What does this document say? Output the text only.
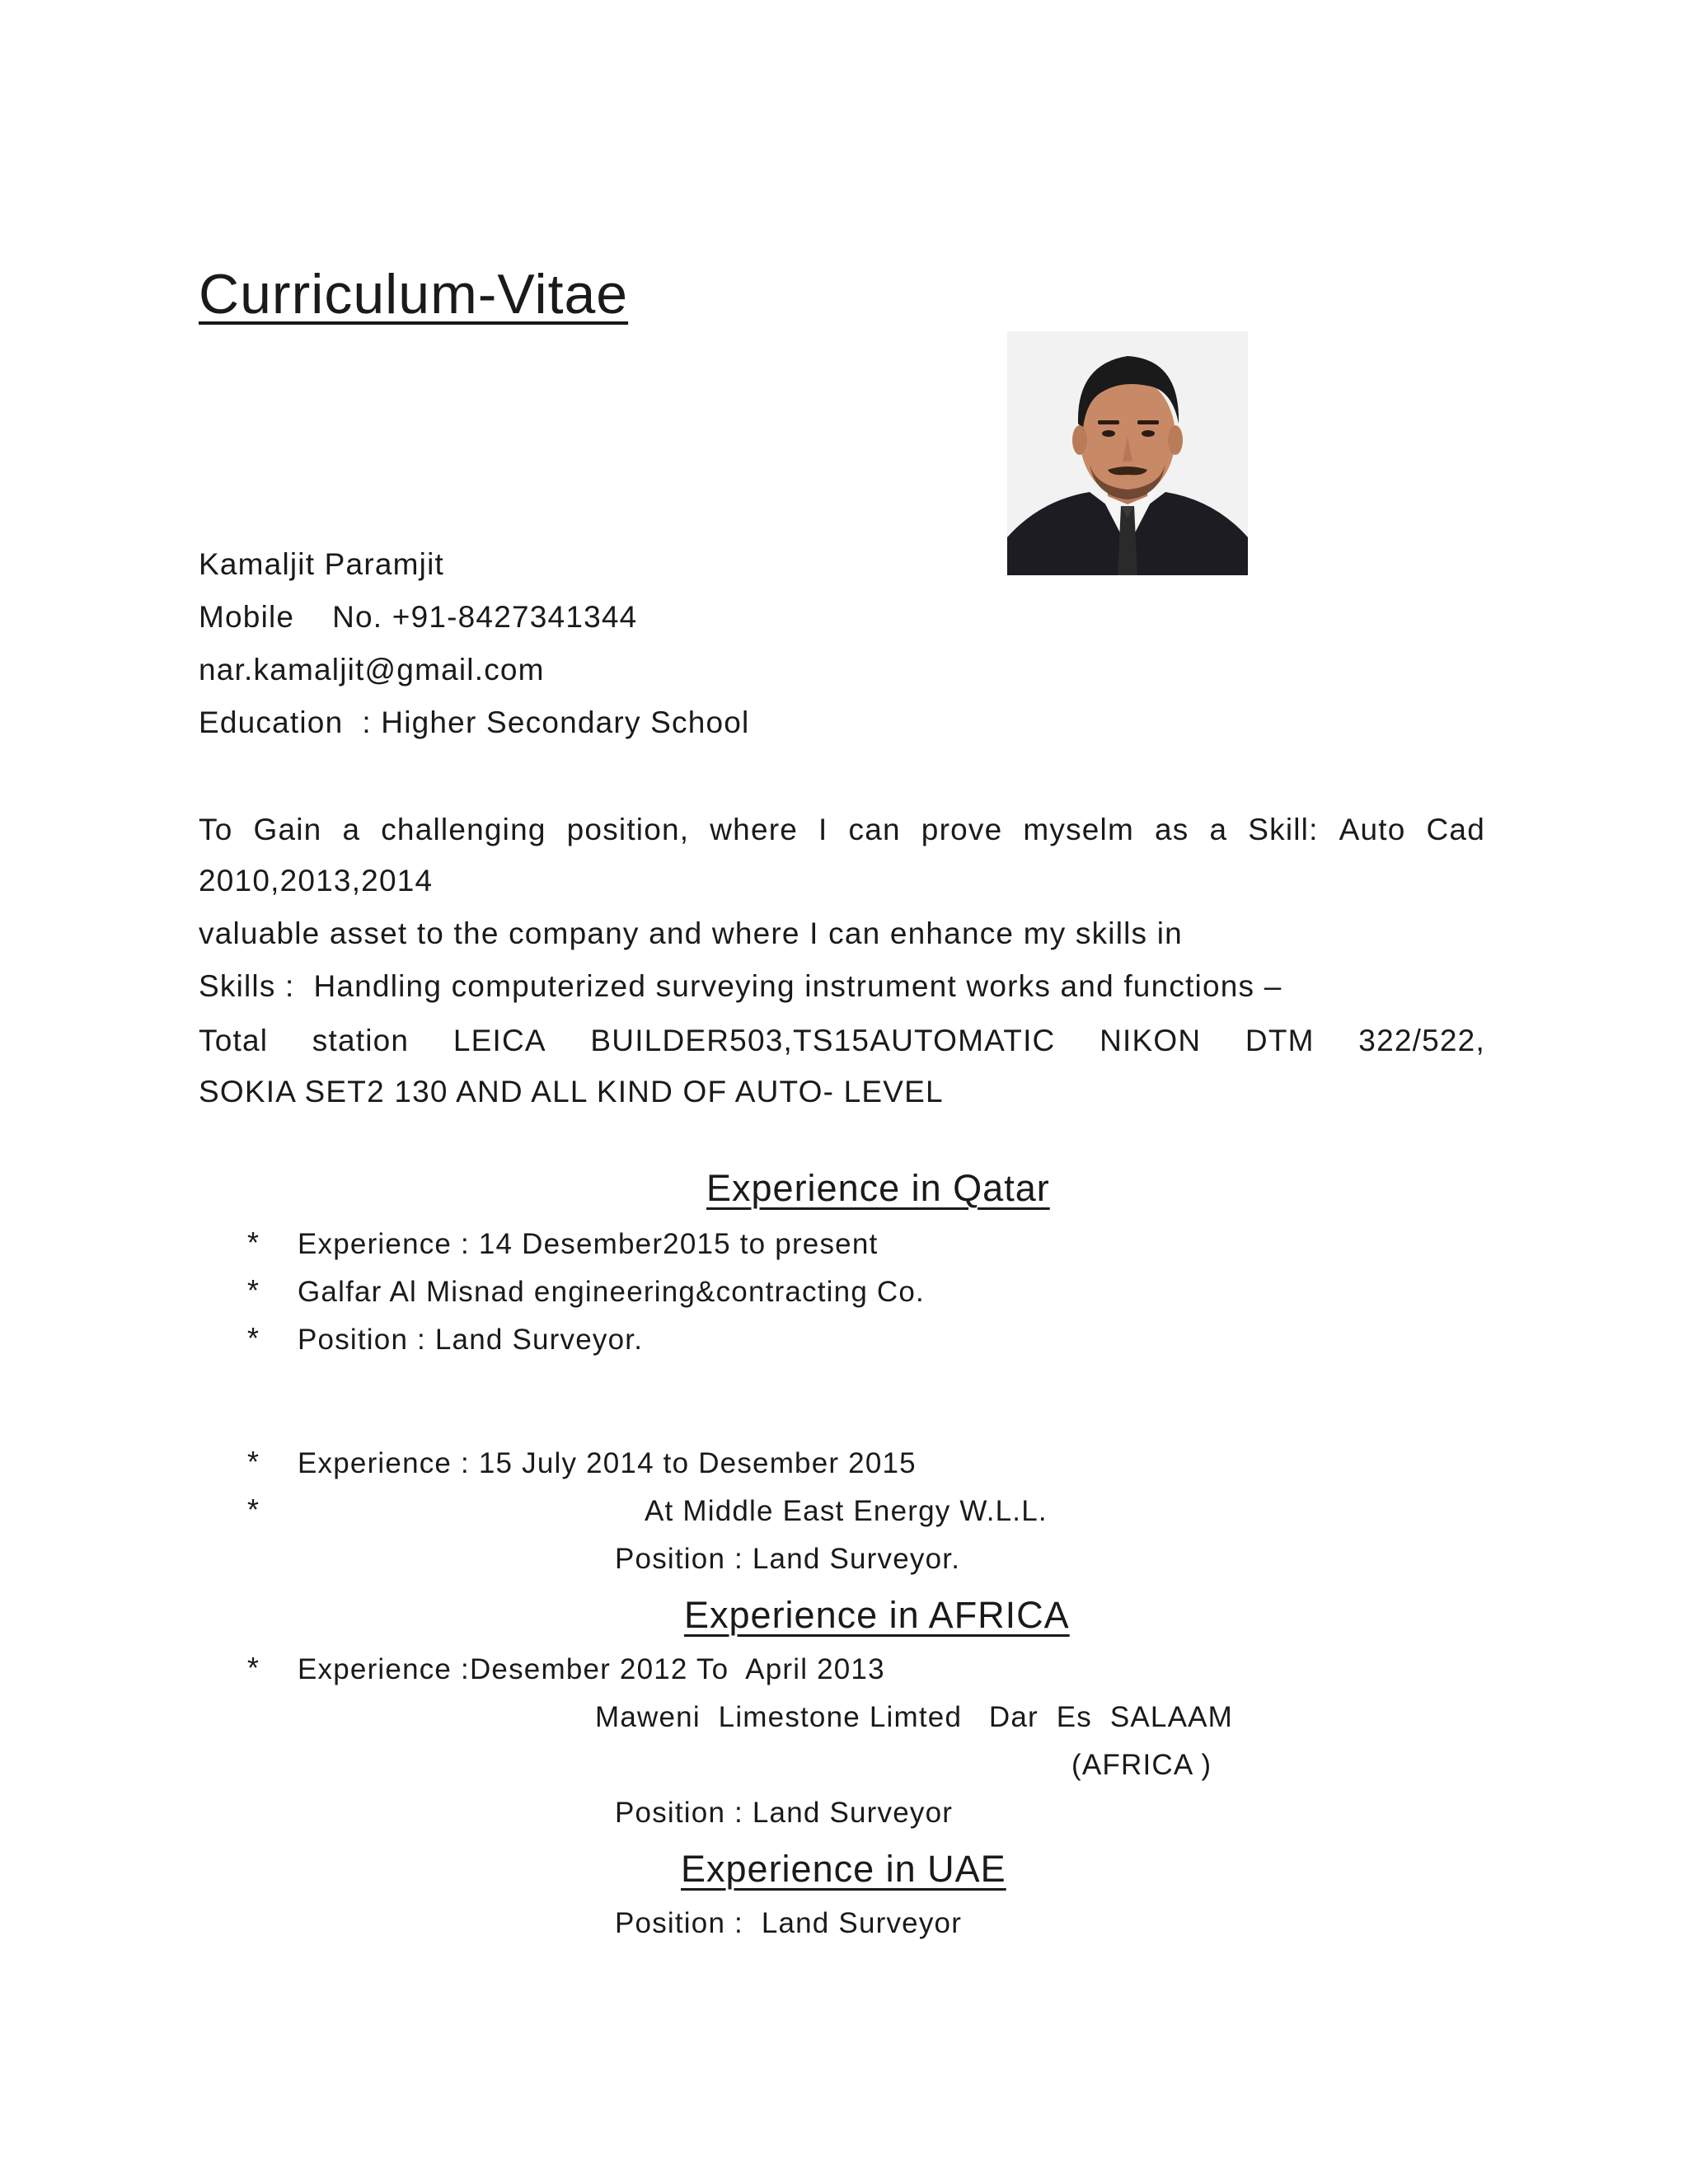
Curriculum-Vitae
Kamaljit Paramjit
Mobile    No. +91-8427341344
nar.kamaljit@gmail.com
Education  : Higher Secondary School
To Gain a challenging position, where I can prove myselm as a Skill: Auto Cad
2010,2013,2014
valuable asset to the company and where I can enhance my skills in
Skills :  Handling computerized surveying instrument works and functions –
Total station LEICA BUILDER503,TS15AUTOMATIC NIKON DTM 322/522,
SOKIA SET2 130 AND ALL KIND OF AUTO- LEVEL
Experience in Qatar
* Experience : 14 Desember2015 to present
* Galfar Al Misnad engineering&contracting Co.
* Position : Land Surveyor.
* Experience : 15 July 2014 to Desember 2015
*	At Middle East Energy W.L.L.
Position : Land Surveyor.
Experience in AFRICA
* Experience :Desember 2012 To  April 2013
Maweni  Limestone Limted   Dar  Es  SALAAM
(AFRICA )
Position : Land Surveyor
Experience in UAE
Position :  Land Surveyor
